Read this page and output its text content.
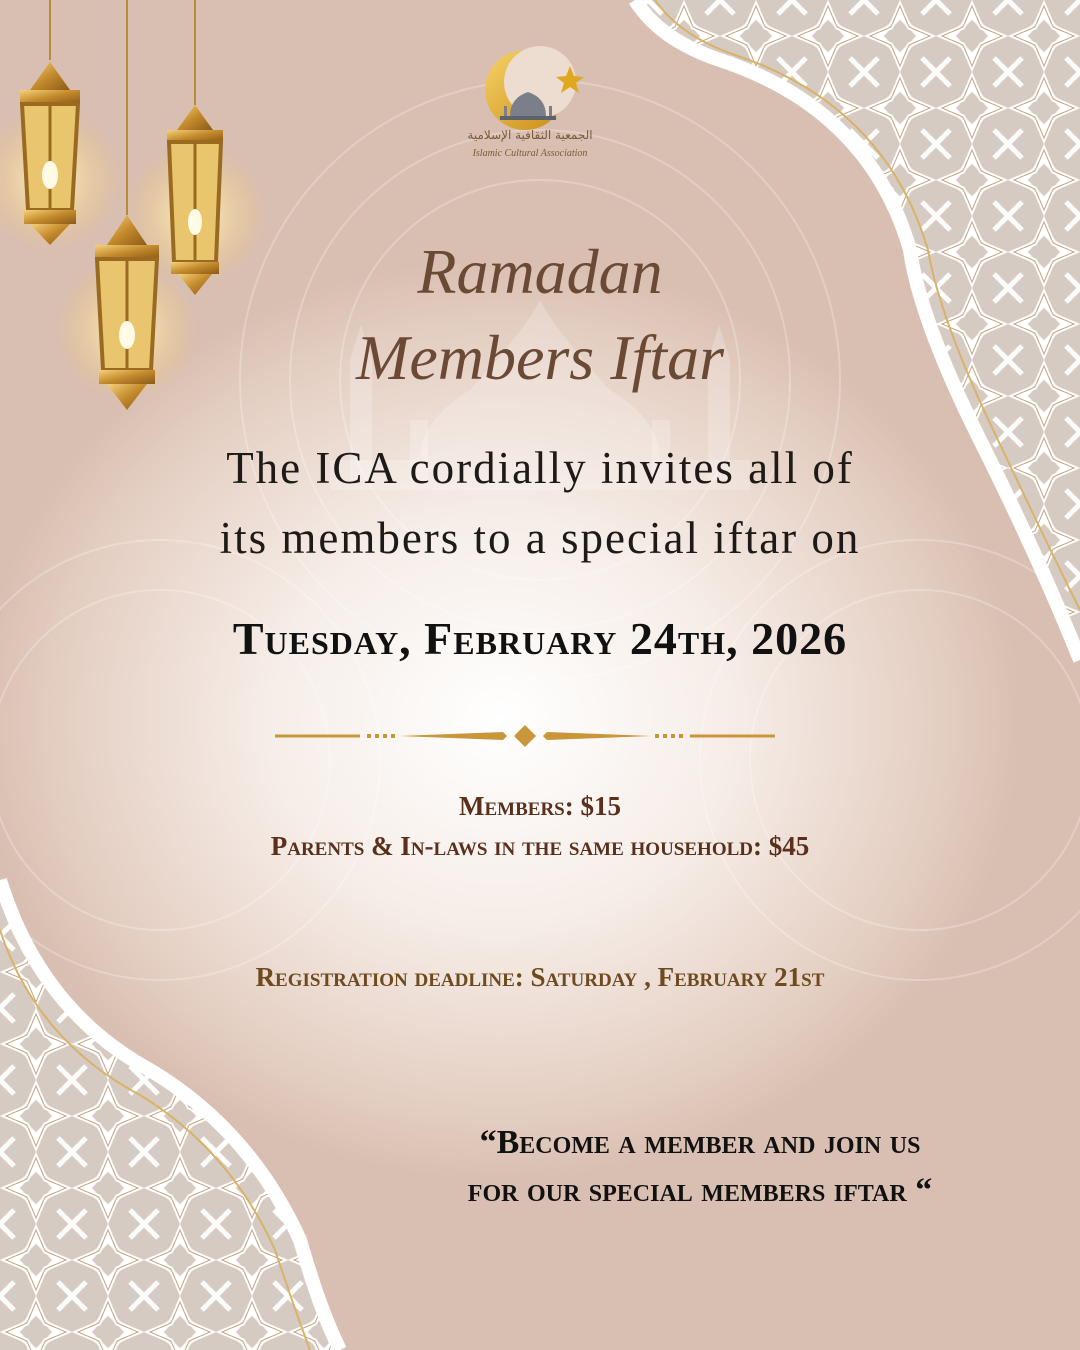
الجمعية الثقافية الإسلامية
Islamic Cultural Association
Ramadan
Members Iftar
The ICA cordially invites all of
its members to a special iftar on
Tuesday, February 24th, 2026
Members: $15
Parents & In-laws in the same household: $45
Registration deadline: Saturday , February 21st
“Become a member and join us
for our special members iftar “
